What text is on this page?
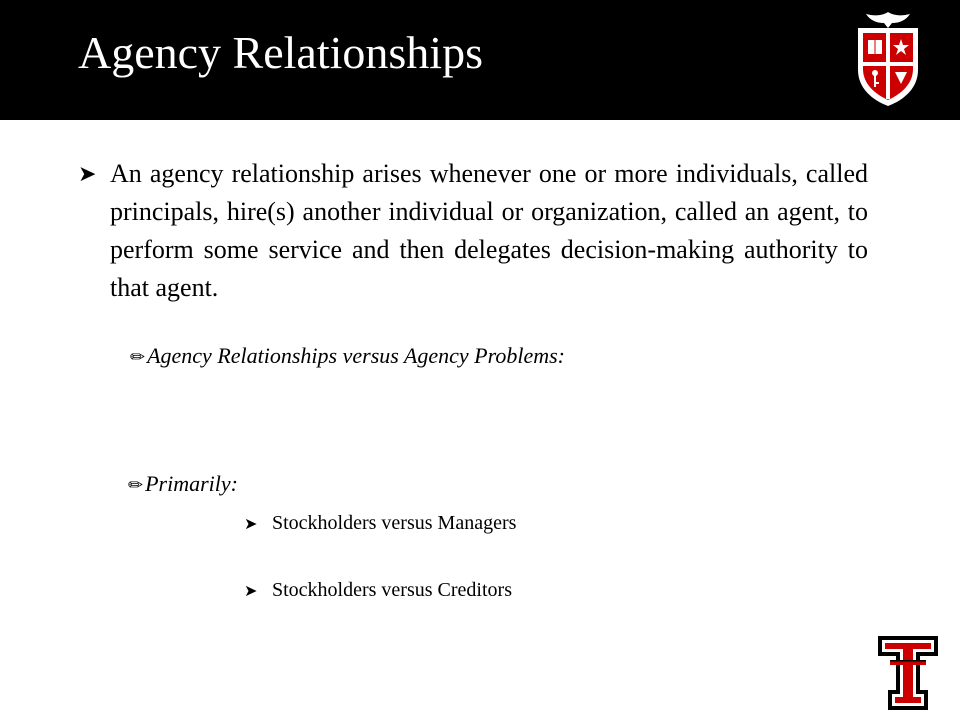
Agency Relationships
➤ An agency relationship arises whenever one or more individuals, called principals, hire(s) another individual or organization, called an agent, to perform some service and then delegates decision-making authority to that agent.
✏Agency Relationships versus Agency Problems:
✏Primarily:
➤ Stockholders versus Managers
➤ Stockholders versus Creditors
